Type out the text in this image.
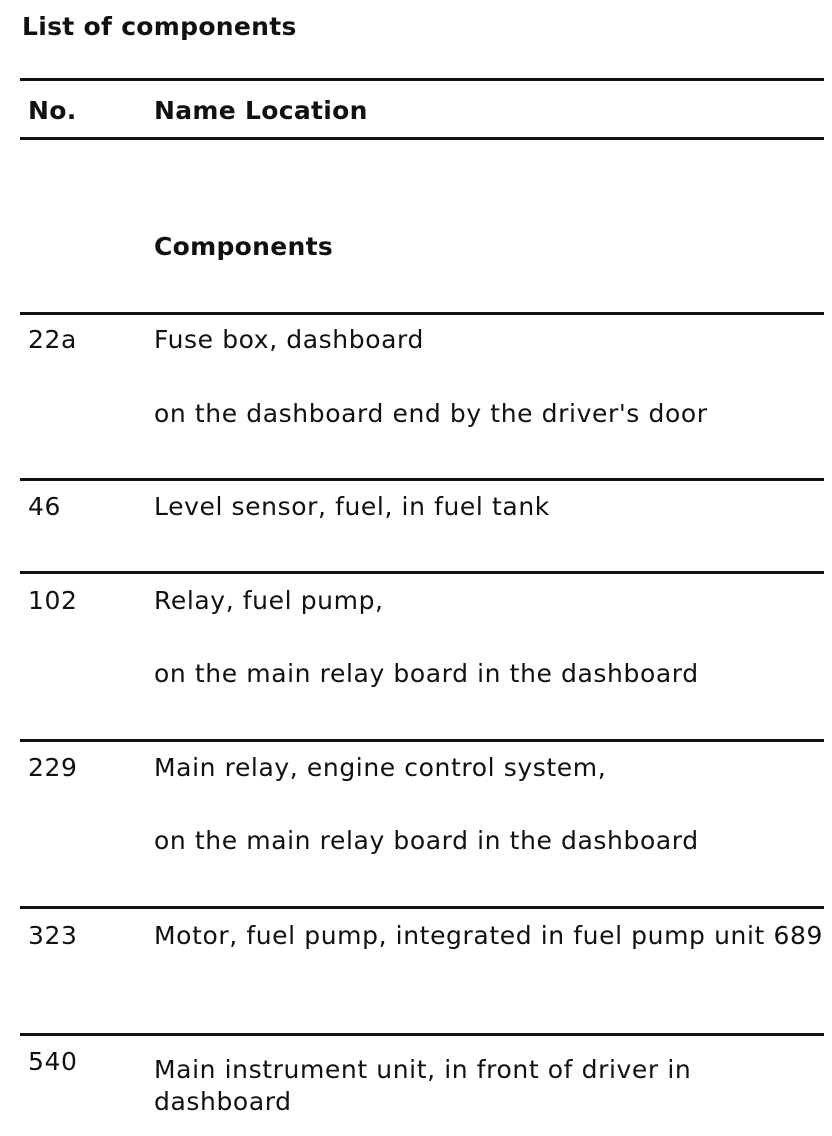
List of components
No.	Name Location
Components
22a	Fuse box, dashboard
on the dashboard end by the driver's door
46	Level sensor, fuel, in fuel tank
102	Relay, fuel pump,
on the main relay board in the dashboard
229	Main relay, engine control system,
on the main relay board in the dashboard
323	Motor, fuel pump, integrated in fuel pump unit 689
540	Main instrument unit, in front of driver in dashboard
